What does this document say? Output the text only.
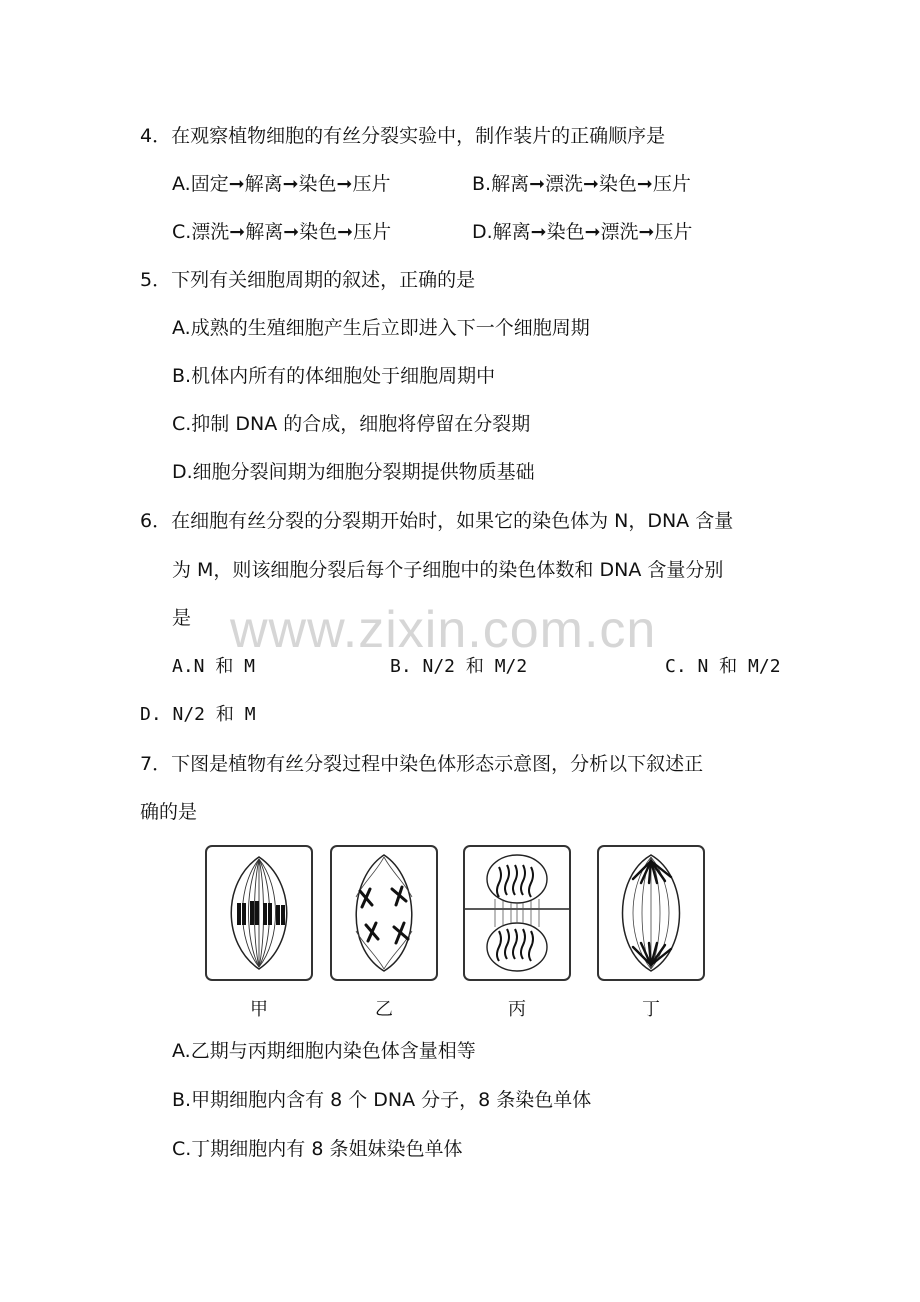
www.zixin.com.cn
4．在观察植物细胞的有丝分裂实验中，制作装片的正确顺序是
A.固定➞解离➞染色➞压片	B.解离➞漂洗➞染色➞压片
C.漂洗➞解离➞染色➞压片	D.解离➞染色➞漂洗➞压片
5．下列有关细胞周期的叙述，正确的是
A.成熟的生殖细胞产生后立即进入下一个细胞周期
B.机体内所有的体细胞处于细胞周期中
C.抑制 DNA 的合成，细胞将停留在分裂期
D.细胞分裂间期为细胞分裂期提供物质基础
6．在细胞有丝分裂的分裂期开始时，如果它的染色体为 N，DNA 含量
为 M，则该细胞分裂后每个子细胞中的染色体数和 DNA 含量分别
是
A.N 和 M	B. N/2 和 M/2	C. N 和 M/2
D. N/2 和 M
7．下图是植物有丝分裂过程中染色体形态示意图，分析以下叙述正
确的是
甲	乙	丙	丁
A.乙期与丙期细胞内染色体含量相等
B.甲期细胞内含有 8 个 DNA 分子，8 条染色单体
C.丁期细胞内有 8 条姐妹染色单体
